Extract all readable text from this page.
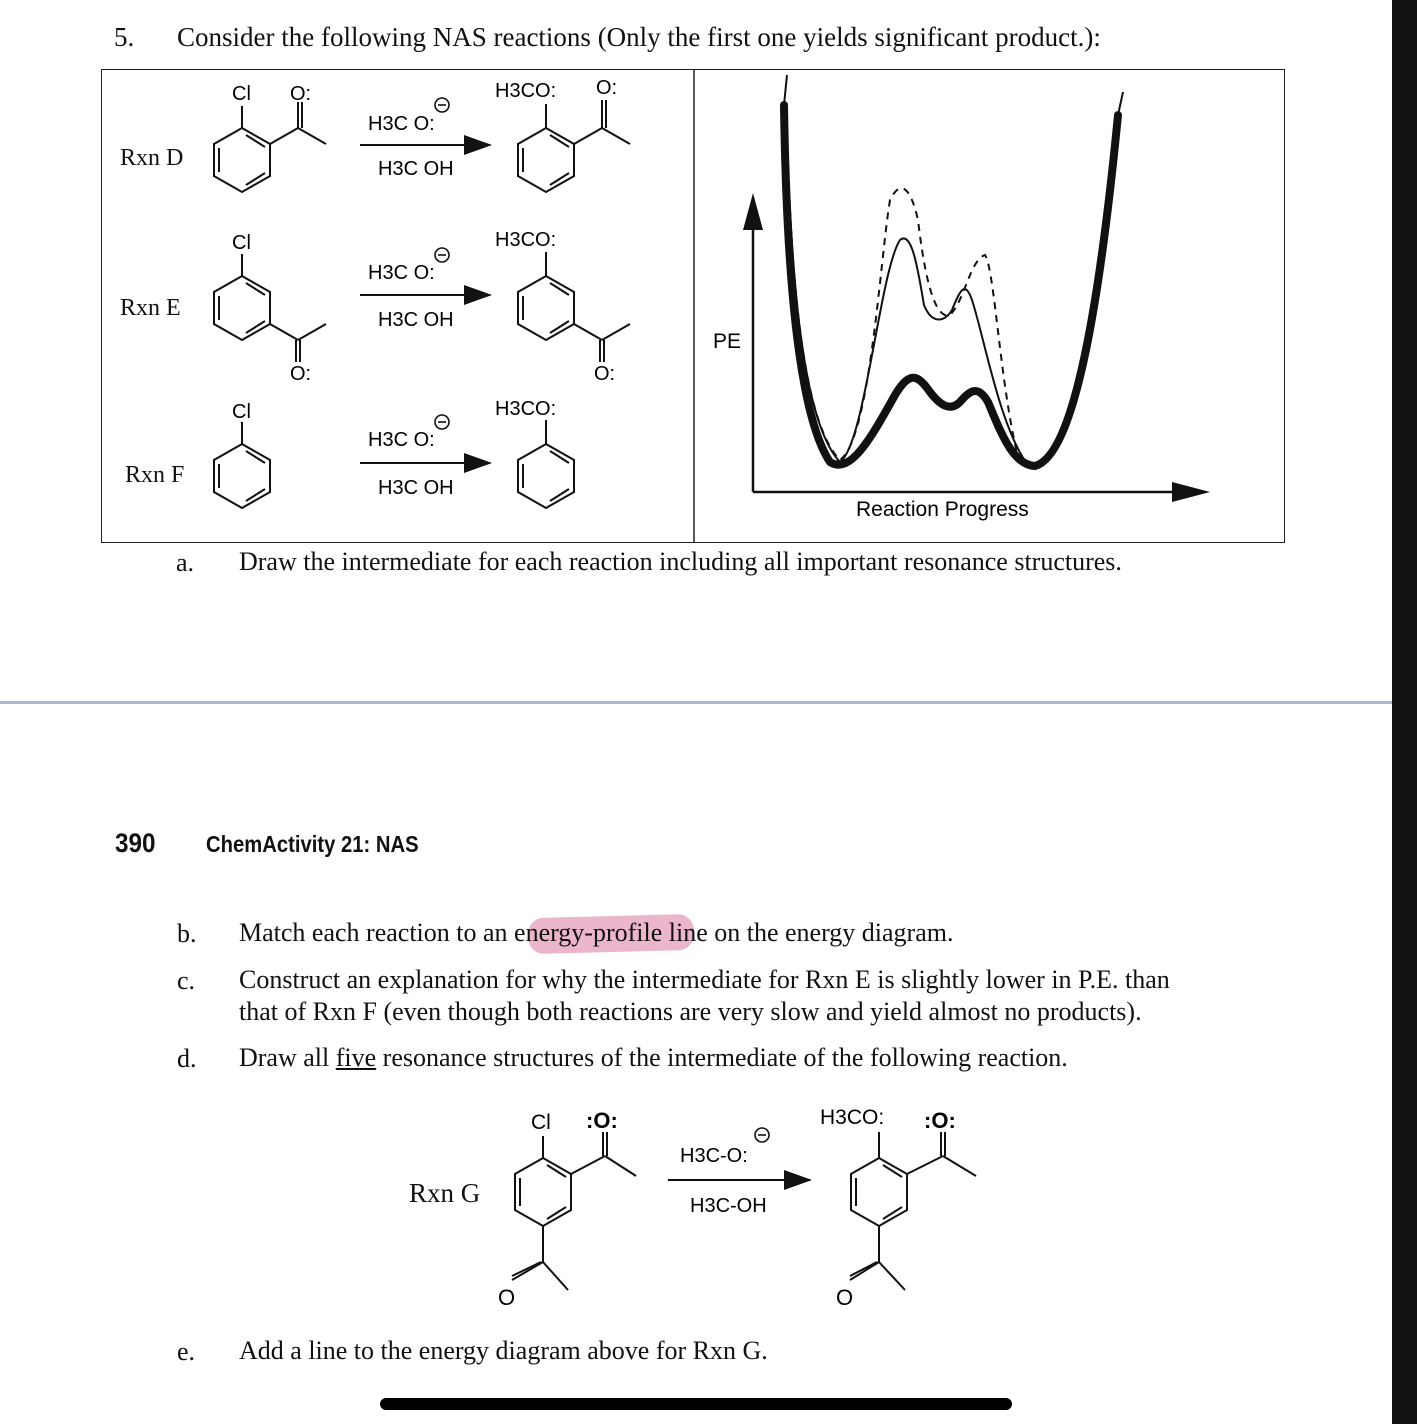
5. Consider the following NAS reactions (Only the first one yields significant product.):
Rxn D
Rxn E
Rxn F
Cl O:
H3C O:
H3C OH
H3CO: O:
Cl
O:
H3C O:
H3C OH
H3CO:
O:
Cl
H3C O:
H3C OH
H3CO:
PE
Reaction Progress
Cl :O:
O
H3C-O:
H3C-OH
H3CO: :O:
O
a. Draw the intermediate for each reaction including all important resonance structures.
390 ChemActivity 21: NAS
b. Match each reaction to an energy-profile line on the energy diagram.
c. Construct an explanation for why the intermediate for Rxn E is slightly lower in P.E. than
that of Rxn F (even though both reactions are very slow and yield almost no products).
d. Draw all five resonance structures of the intermediate of the following reaction.
Rxn G
e. Add a line to the energy diagram above for Rxn G.
